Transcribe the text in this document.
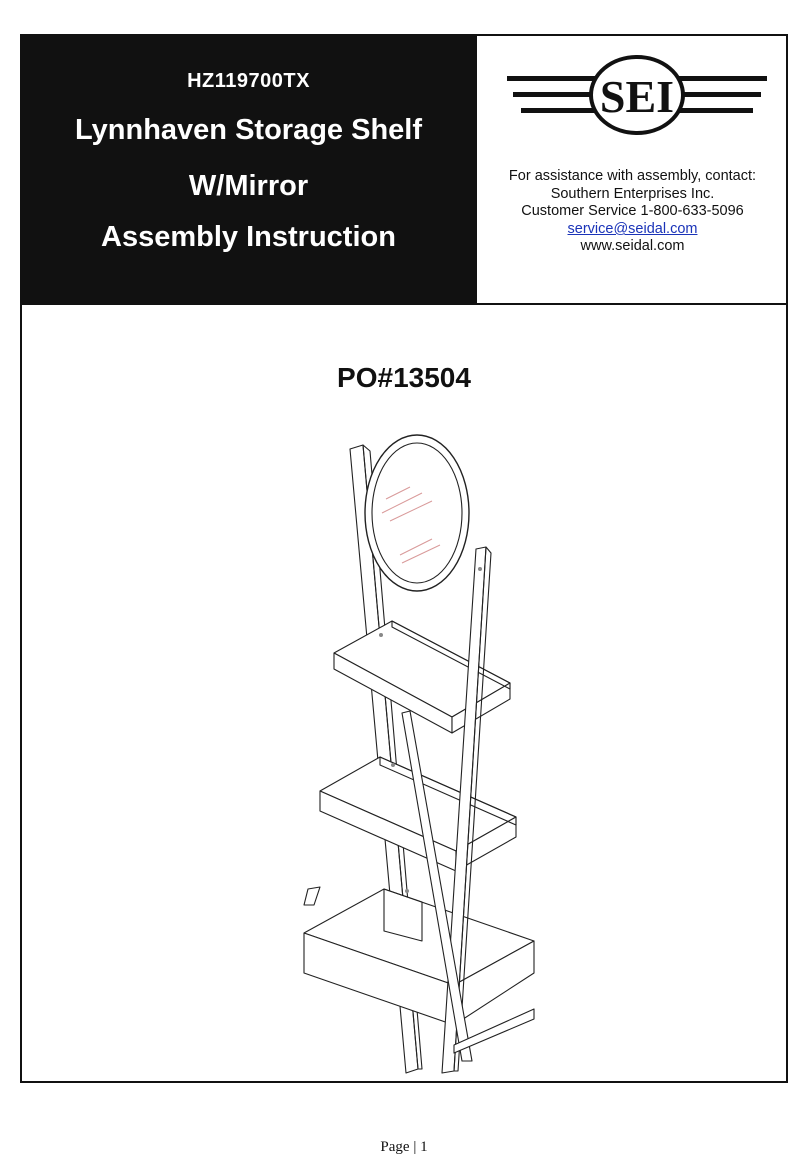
HZ119700TX
Lynnhaven Storage Shelf
W/Mirror
Assembly Instruction
SEI
For assistance with assembly, contact:
Southern Enterprises Inc.
Customer Service 1-800-633-5096
service@seidal.com
www.seidal.com
PO#13504
Page | 1
